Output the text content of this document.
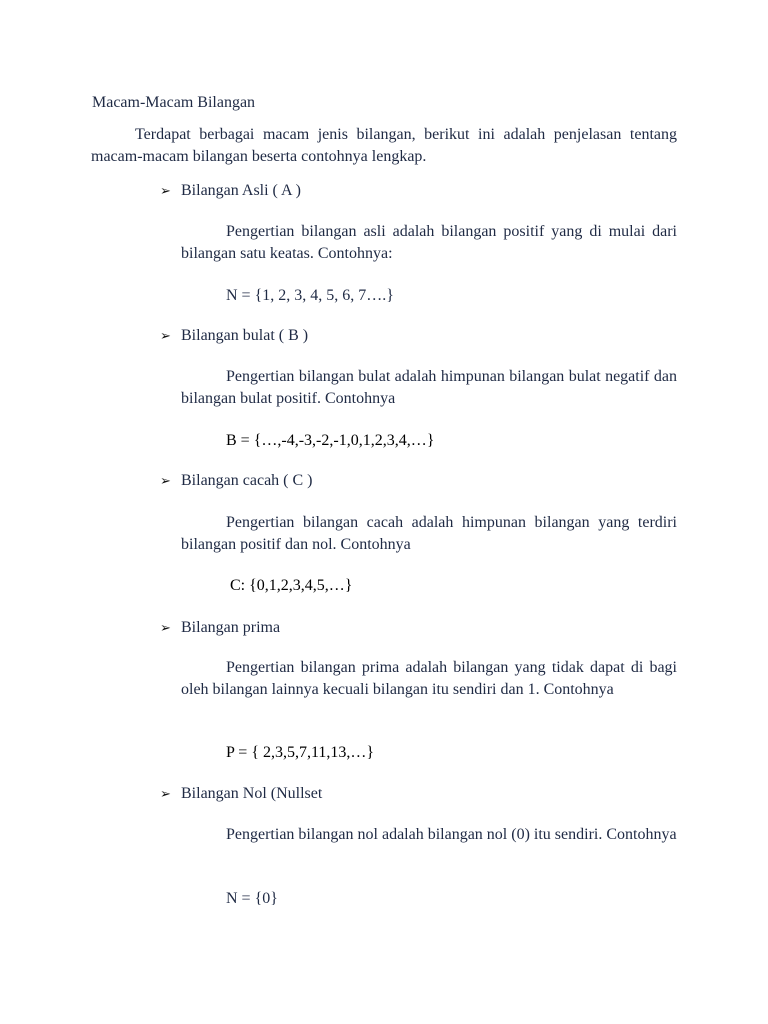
Macam-Macam Bilangan
Terdapat berbagai macam jenis bilangan, berikut ini adalah penjelasan tentang macam-macam bilangan beserta contohnya lengkap.
➢ Bilangan Asli ( A )
Pengertian bilangan asli adalah bilangan positif yang di mulai dari bilangan satu keatas. Contohnya:
N = {1, 2, 3, 4, 5, 6, 7….}
➢ Bilangan bulat ( B )
Pengertian bilangan bulat adalah himpunan bilangan bulat negatif dan bilangan bulat positif. Contohnya
B = {…,-4,-3,-2,-1,0,1,2,3,4,…}
➢ Bilangan cacah ( C )
Pengertian bilangan cacah adalah himpunan bilangan yang terdiri bilangan positif dan nol. Contohnya
C: {0,1,2,3,4,5,…}
➢ Bilangan prima
Pengertian bilangan prima adalah bilangan yang tidak dapat di bagi oleh bilangan lainnya kecuali bilangan itu sendiri dan 1. Contohnya
P = { 2,3,5,7,11,13,…}
➢ Bilangan Nol (Nullset
Pengertian bilangan nol adalah bilangan nol (0) itu sendiri. Contohnya
N = {0}
